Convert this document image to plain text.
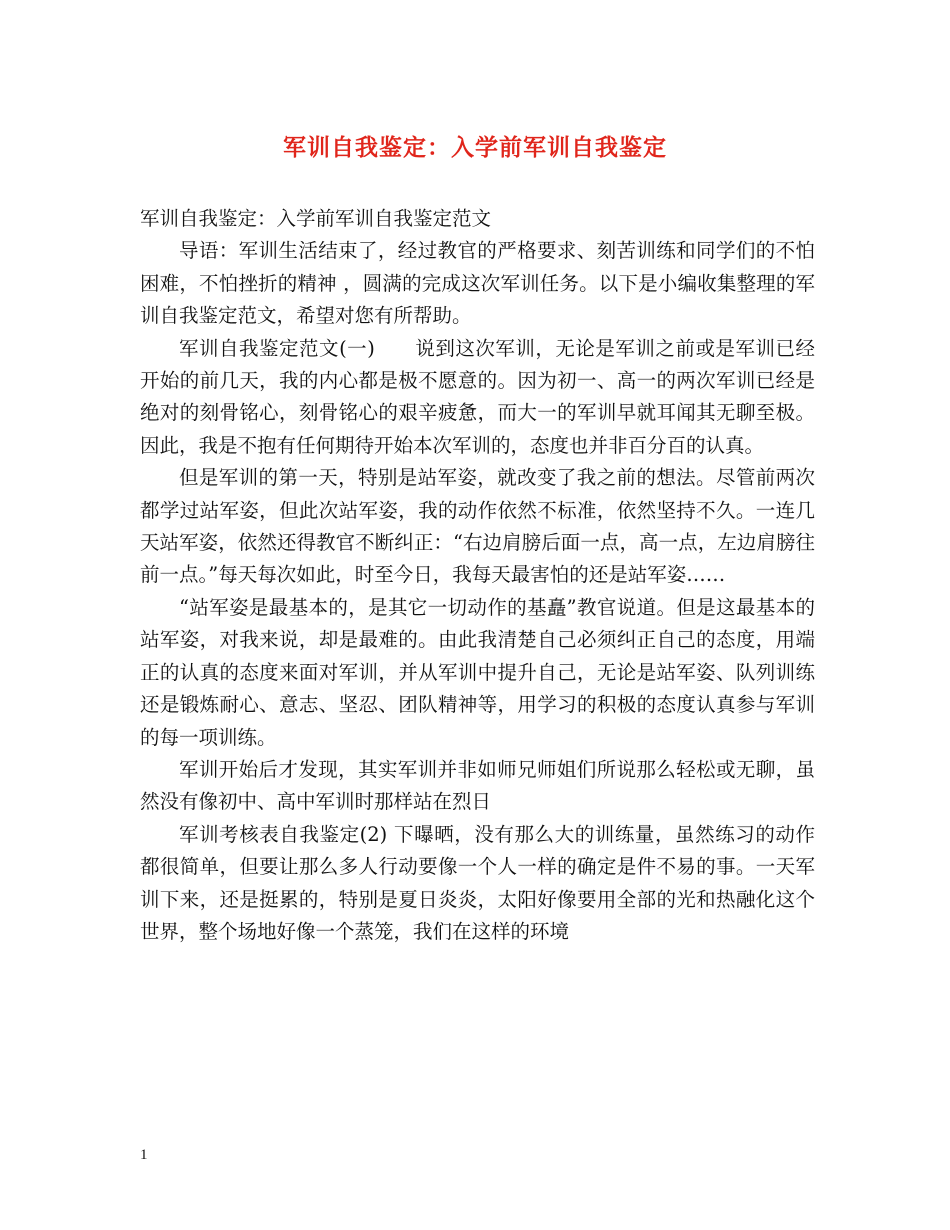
军训自我鉴定：入学前军训自我鉴定

军训自我鉴定：入学前军训自我鉴定范文

导语：军训生活结束了，经过教官的严格要求、刻苦训练和同学们的不怕困难，不怕挫折的精神 ，圆满的完成这次军训任务。以下是小编收集整理的军训自我鉴定范文，希望对您有所帮助。

军训自我鉴定范文(一)　　说到这次军训，无论是军训之前或是军训已经开始的前几天，我的内心都是极不愿意的。因为初一、高一的两次军训已经是绝对的刻骨铭心，刻骨铭心的艰辛疲惫，而大一的军训早就耳闻其无聊至极。因此，我是不抱有任何期待开始本次军训的，态度也并非百分百的认真。

但是军训的第一天，特别是站军姿，就改变了我之前的想法。尽管前两次都学过站军姿，但此次站军姿，我的动作依然不标准，依然坚持不久。一连几天站军姿，依然还得教官不断纠正：“右边肩膀后面一点，高一点，左边肩膀往前一点。”每天每次如此，时至今日，我每天最害怕的还是站军姿……

“站军姿是最基本的，是其它一切动作的基矗”教官说道。但是这最基本的站军姿，对我来说，却是最难的。由此我清楚自己必须纠正自己的态度，用端正的认真的态度来面对军训，并从军训中提升自己，无论是站军姿、队列训练还是锻炼耐心、意志、坚忍、团队精神等，用学习的积极的态度认真参与军训的每一项训练。

军训开始后才发现，其实军训并非如师兄师姐们所说那么轻松或无聊，虽然没有像初中、高中军训时那样站在烈日

军训考核表自我鉴定(2) 下曝晒，没有那么大的训练量，虽然练习的动作都很简单，但要让那么多人行动要像一个人一样的确定是件不易的事。一天军训下来，还是挺累的，特别是夏日炎炎，太阳好像要用全部的光和热融化这个世界，整个场地好像一个蒸笼，我们在这样的环境

1
